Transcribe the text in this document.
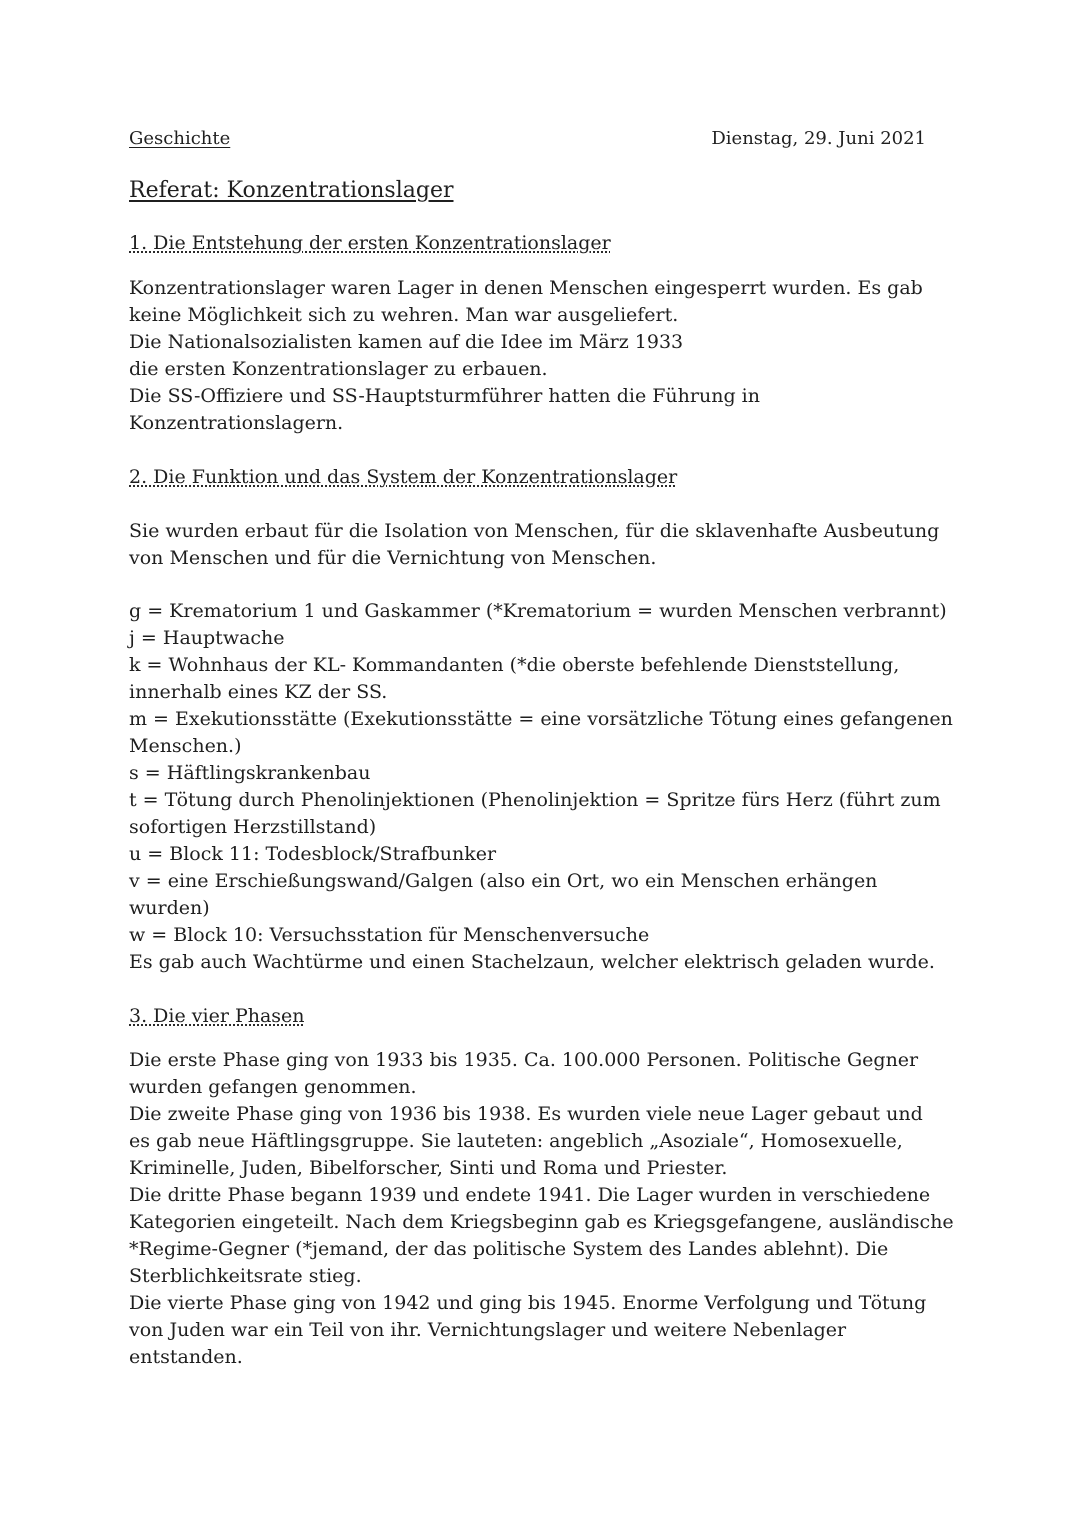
Geschichte	Dienstag, 29. Juni 2021
Referat: Konzentrationslager
1. Die Entstehung der ersten Konzentrationslager
Konzentrationslager waren Lager in denen Menschen eingesperrt wurden. Es gab
keine Möglichkeit sich zu wehren. Man war ausgeliefert.
Die Nationalsozialisten kamen auf die Idee im März 1933
die ersten Konzentrationslager zu erbauen.
Die SS-Offiziere und SS-Hauptsturmführer hatten die Führung in
Konzentrationslagern.
2. Die Funktion und das System der Konzentrationslager
Sie wurden erbaut für die Isolation von Menschen, für die sklavenhafte Ausbeutung
von Menschen und für die Vernichtung von Menschen.
g = Krematorium 1 und Gaskammer (*Krematorium = wurden Menschen verbrannt)
j = Hauptwache
k = Wohnhaus der KL- Kommandanten (*die oberste befehlende Dienststellung,
innerhalb eines KZ der SS.
m = Exekutionsstätte (Exekutionsstätte = eine vorsätzliche Tötung eines gefangenen
Menschen.)
s = Häftlingskrankenbau
t = Tötung durch Phenolinjektionen (Phenolinjektion = Spritze fürs Herz (führt zum
sofortigen Herzstillstand)
u = Block 11: Todesblock/Strafbunker
v = eine Erschießungswand/Galgen (also ein Ort, wo ein Menschen erhängen
wurden)
w = Block 10: Versuchsstation für Menschenversuche
Es gab auch Wachtürme und einen Stachelzaun, welcher elektrisch geladen wurde.
3. Die vier Phasen
Die erste Phase ging von 1933 bis 1935. Ca. 100.000 Personen. Politische Gegner
wurden gefangen genommen.
Die zweite Phase ging von 1936 bis 1938. Es wurden viele neue Lager gebaut und
es gab neue Häftlingsgruppe. Sie lauteten: angeblich „Asoziale“, Homosexuelle,
Kriminelle, Juden, Bibelforscher, Sinti und Roma und Priester.
Die dritte Phase begann 1939 und endete 1941. Die Lager wurden in verschiedene
Kategorien eingeteilt. Nach dem Kriegsbeginn gab es Kriegsgefangene, ausländische
*Regime-Gegner (*jemand, der das politische System des Landes ablehnt). Die
Sterblichkeitsrate stieg.
Die vierte Phase ging von 1942 und ging bis 1945. Enorme Verfolgung und Tötung
von Juden war ein Teil von ihr. Vernichtungslager und weitere Nebenlager
entstanden.
